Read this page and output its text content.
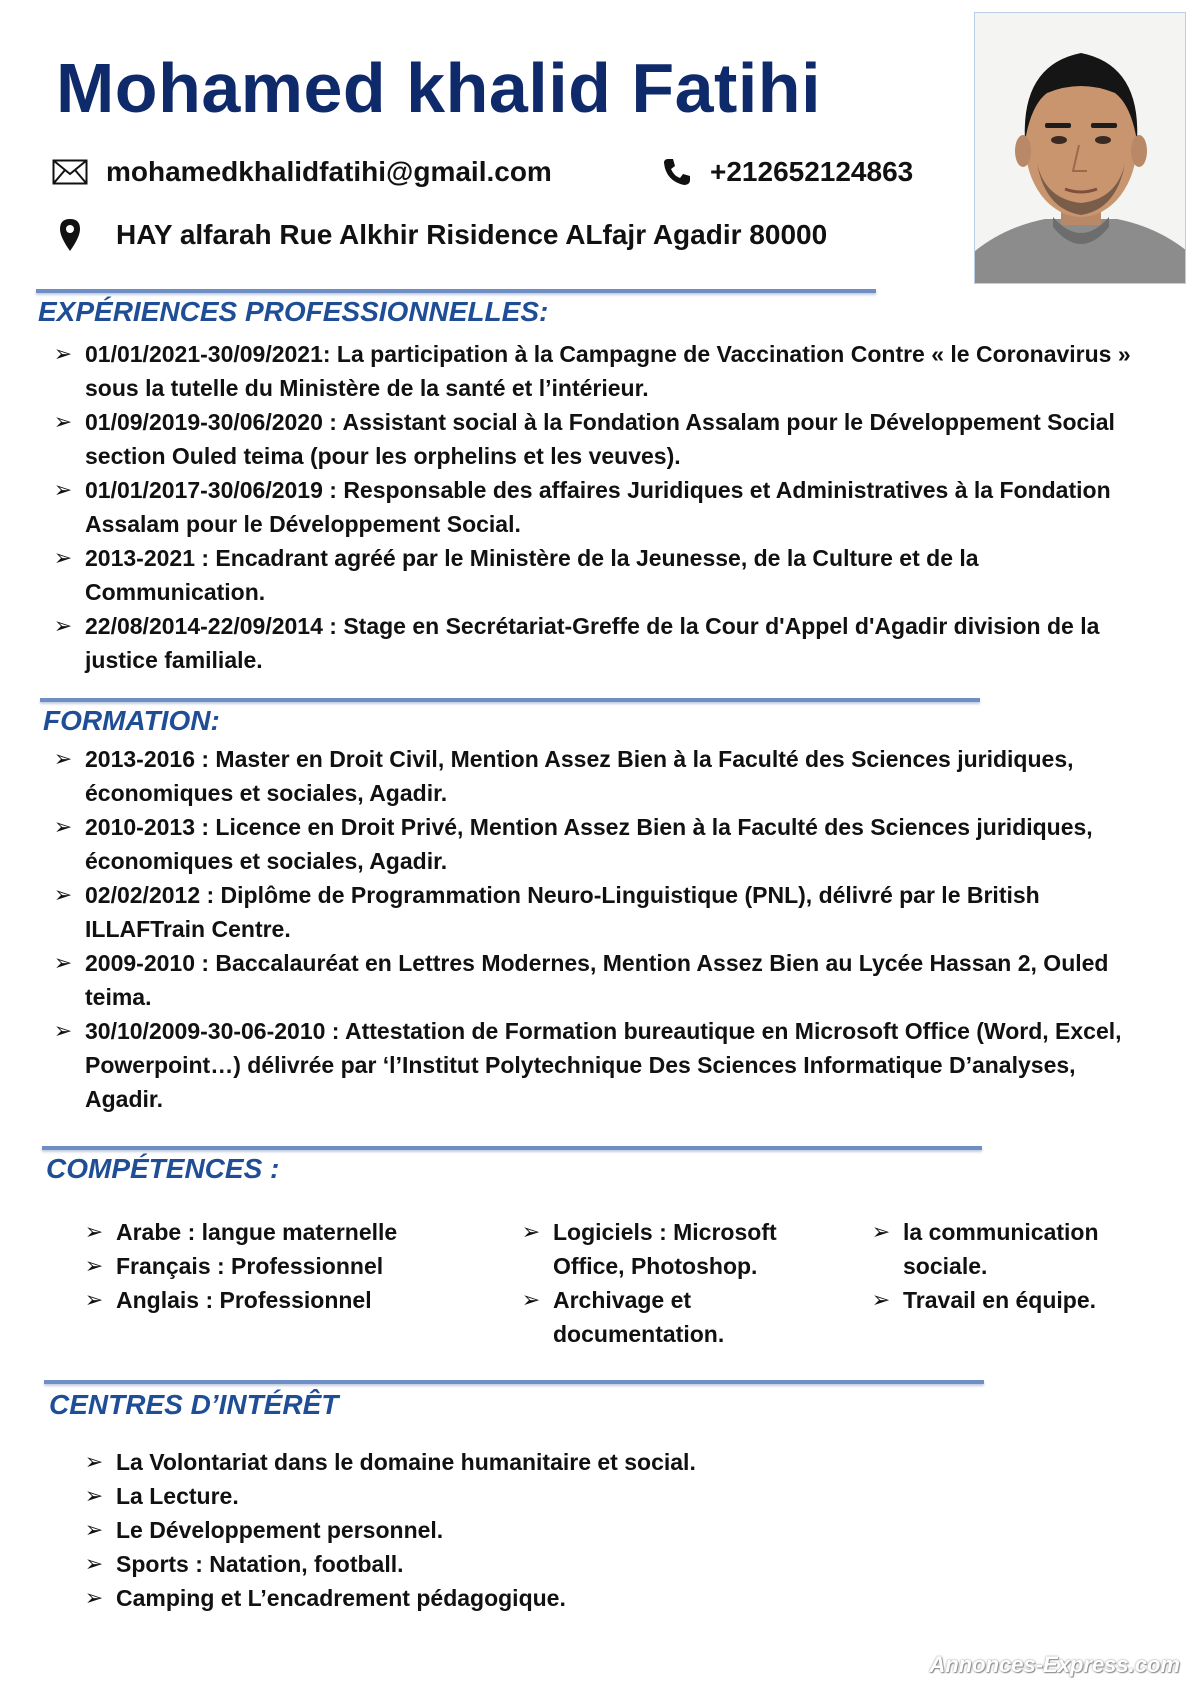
Mohamed khalid Fatihi
mohamedkhalidfatihi@gmail.com	+212652124863
HAY alfarah Rue Alkhir Risidence ALfajr Agadir 80000
EXPÉRIENCES PROFESSIONNELLES:
➢ 01/01/2021-30/09/2021: La participation à la Campagne de Vaccination Contre « le Coronavirus » sous la tutelle du Ministère de la santé et l’intérieur.
➢ 01/09/2019-30/06/2020 : Assistant social à la Fondation Assalam pour le Développement Social section Ouled teima (pour les orphelins et les veuves).
➢ 01/01/2017-30/06/2019 : Responsable des affaires Juridiques et Administratives à la Fondation Assalam pour le Développement Social.
➢ 2013-2021 : Encadrant agréé par le Ministère de la Jeunesse, de la Culture et de la Communication.
➢ 22/08/2014-22/09/2014 : Stage en Secrétariat-Greffe de la Cour d'Appel d'Agadir division de la justice familiale.
FORMATION:
➢ 2013-2016 : Master en Droit Civil, Mention Assez Bien à la Faculté des Sciences juridiques, économiques et sociales, Agadir.
➢ 2010-2013 : Licence en Droit Privé, Mention Assez Bien à la Faculté des Sciences juridiques, économiques et sociales, Agadir.
➢ 02/02/2012 : Diplôme de Programmation Neuro-Linguistique (PNL), délivré par le British ILLAFTrain Centre.
➢ 2009-2010 : Baccalauréat en Lettres Modernes, Mention Assez Bien au Lycée Hassan 2, Ouled teima.
➢ 30/10/2009-30-06-2010 : Attestation de Formation bureautique en Microsoft Office (Word, Excel, Powerpoint…) délivrée par ‘l’Institut Polytechnique Des Sciences Informatique D’analyses, Agadir.
COMPÉTENCES :
➢ Arabe : langue maternelle
➢ Français : Professionnel
➢ Anglais : Professionnel
➢ Logiciels : Microsoft Office, Photoshop.
➢ Archivage et documentation.
➢ la communication sociale.
➢ Travail en équipe.
CENTRES D’INTÉRÊT
➢ La Volontariat dans le domaine humanitaire et social.
➢ La Lecture.
➢ Le Développement personnel.
➢ Sports : Natation, football.
➢ Camping et L’encadrement pédagogique.
Annonces-Express.com
